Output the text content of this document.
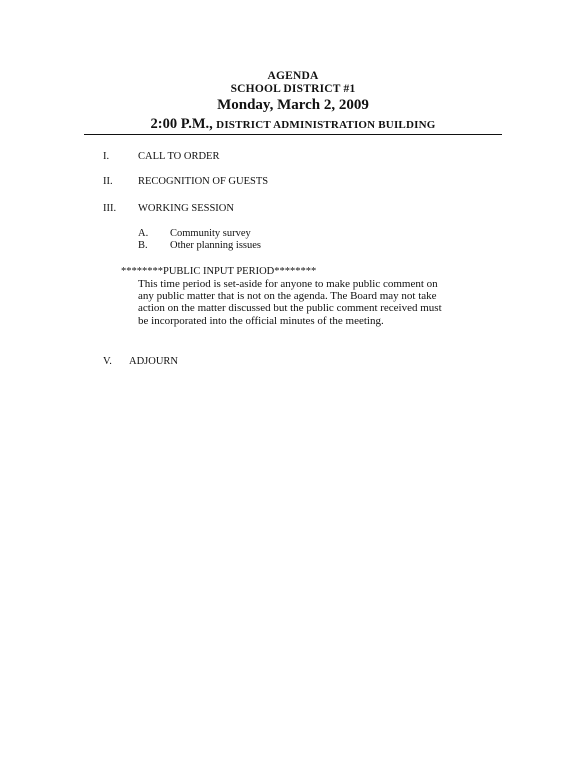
AGENDA
SCHOOL DISTRICT #1
Monday, March 2, 2009
2:00 P.M., DISTRICT ADMINISTRATION BUILDING
I.	CALL TO ORDER
II. RECOGNITION OF GUESTS
III. WORKING SESSION
A. Community survey
B. Other planning issues
********PUBLIC INPUT PERIOD********
This time period is set-aside for anyone to make public comment on
any public matter that is not on the agenda. The Board may not take
action on the matter discussed but the public comment received must
be incorporated into the official minutes of the meeting.
V. ADJOURN
